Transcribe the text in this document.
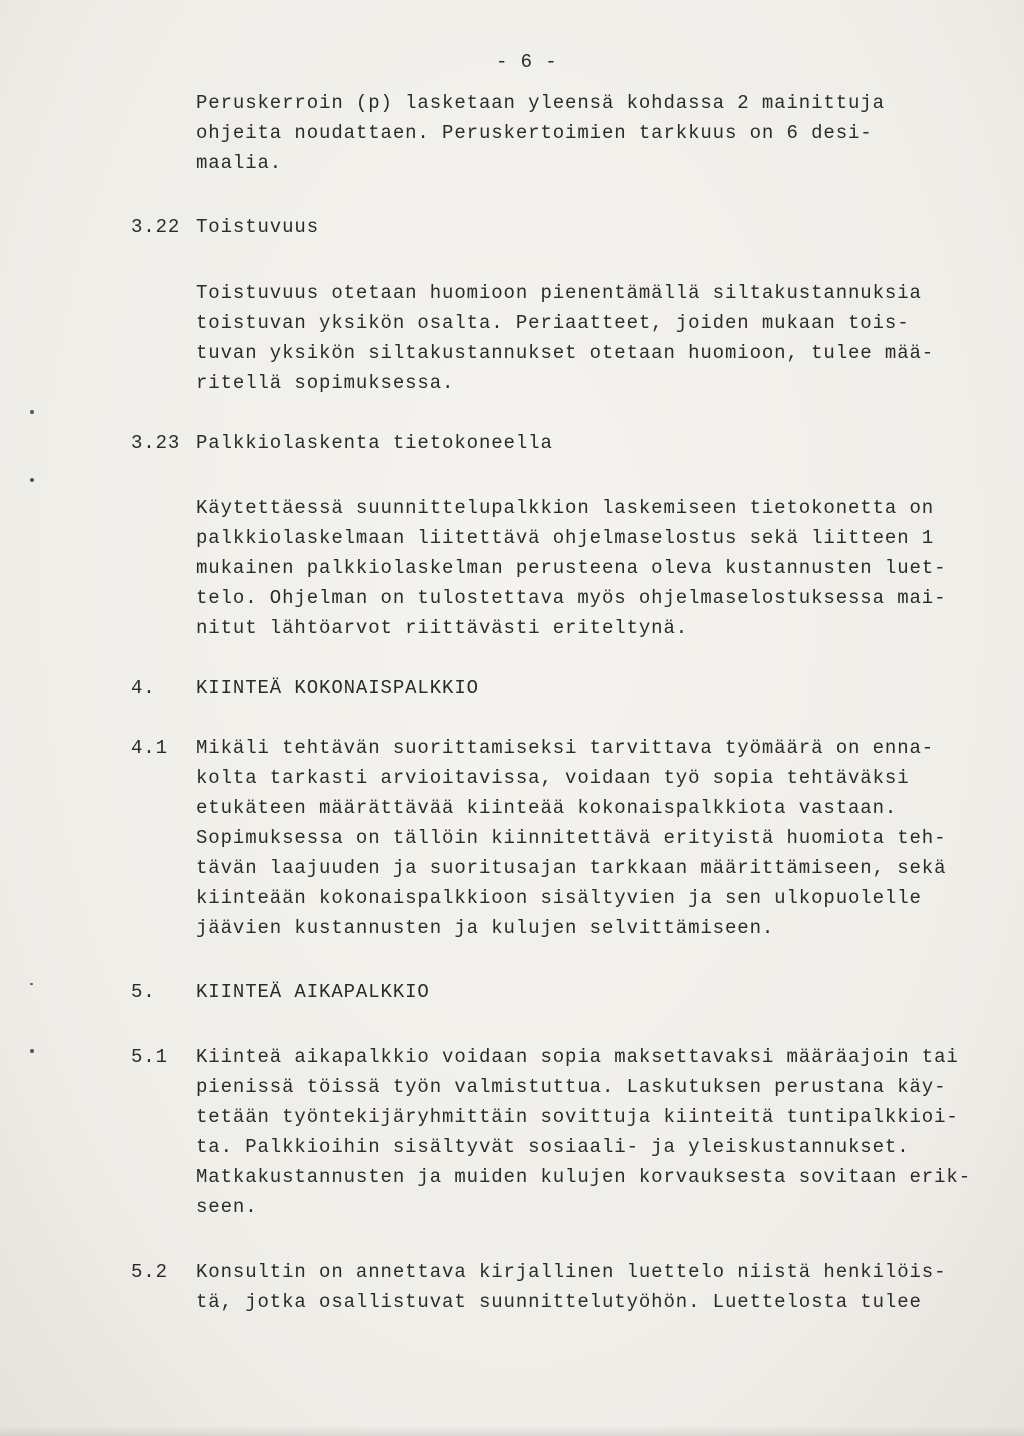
- 6 -
Peruskerroin (p) lasketaan yleensä kohdassa 2 mainittuja
ohjeita noudattaen. Peruskertoimien tarkkuus on 6 desi-
maalia.
3.22 Toistuvuus
Toistuvuus otetaan huomioon pienentämällä siltakustannuksia
toistuvan yksikön osalta. Periaatteet, joiden mukaan tois-
tuvan yksikön siltakustannukset otetaan huomioon, tulee mää-
ritellä sopimuksessa.
3.23 Palkkiolaskenta tietokoneella
Käytettäessä suunnittelupalkkion laskemiseen tietokonetta on
palkkiolaskelmaan liitettävä ohjelmaselostus sekä liitteen 1
mukainen palkkiolaskelman perusteena oleva kustannusten luet-
telo. Ohjelman on tulostettava myös ohjelmaselostuksessa mai-
nitut lähtöarvot riittävästi eriteltynä.
4. KIINTEÄ KOKONAISPALKKIO
4.1 Mikäli tehtävän suorittamiseksi tarvittava työmäärä on enna-
kolta tarkasti arvioitavissa, voidaan työ sopia tehtäväksi
etukäteen määrättävää kiinteää kokonaispalkkiota vastaan.
Sopimuksessa on tällöin kiinnitettävä erityistä huomiota teh-
tävän laajuuden ja suoritusajan tarkkaan määrittämiseen, sekä
kiinteään kokonaispalkkioon sisältyvien ja sen ulkopuolelle
jäävien kustannusten ja kulujen selvittämiseen.
5. KIINTEÄ AIKAPALKKIO
5.1 Kiinteä aikapalkkio voidaan sopia maksettavaksi määräajoin tai
pienissä töissä työn valmistuttua. Laskutuksen perustana käy-
tetään työntekijäryhmittäin sovittuja kiinteitä tuntipalkkioi-
ta. Palkkioihin sisältyvät sosiaali- ja yleiskustannukset.
Matkakustannusten ja muiden kulujen korvauksesta sovitaan erik-
seen.
5.2 Konsultin on annettava kirjallinen luettelo niistä henkilöis-
tä, jotka osallistuvat suunnittelutyöhön. Luettelosta tulee
